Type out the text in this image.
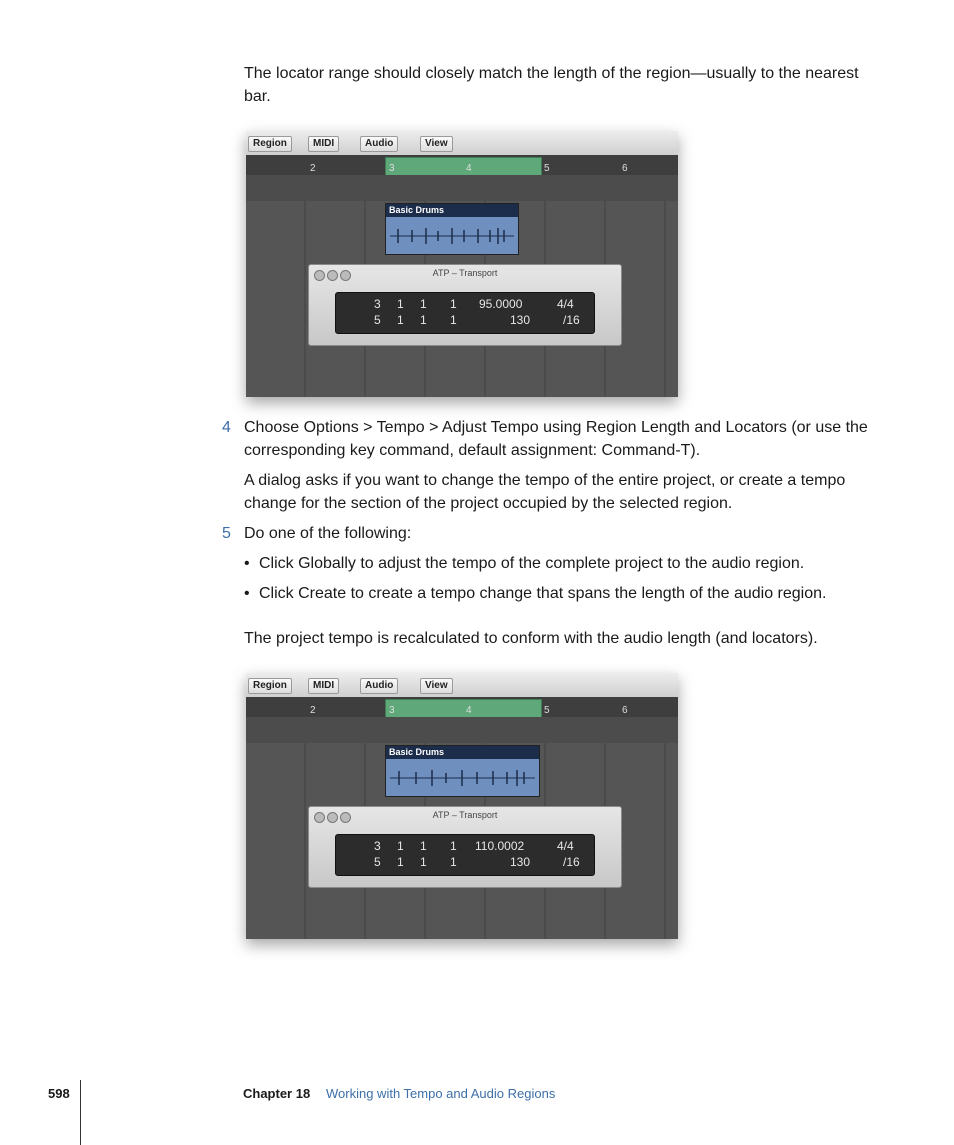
The locator range should closely match the length of the region—usually to the nearest bar.
Region	MIDI	Audio	View
2	3	4	5	6
Basic Drums
ATP – Transport
3 1 1 1 95.0000	4/4
5 1 1 1	130	/16
4 Choose Options > Tempo > Adjust Tempo using Region Length and Locators (or use the corresponding key command, default assignment: Command-T).
A dialog asks if you want to change the tempo of the entire project, or create a tempo change for the section of the project occupied by the selected region.
5 Do one of the following:
• Click Globally to adjust the tempo of the complete project to the audio region.
• Click Create to create a tempo change that spans the length of the audio region.
The project tempo is recalculated to conform with the audio length (and locators).
Region	MIDI	Audio	View
2	3	4	5	6
Basic Drums
ATP – Transport
3 1 1 1 110.0002	4/4
5 1 1 1	130	/16
598	Chapter 18 Working with Tempo and Audio Regions
